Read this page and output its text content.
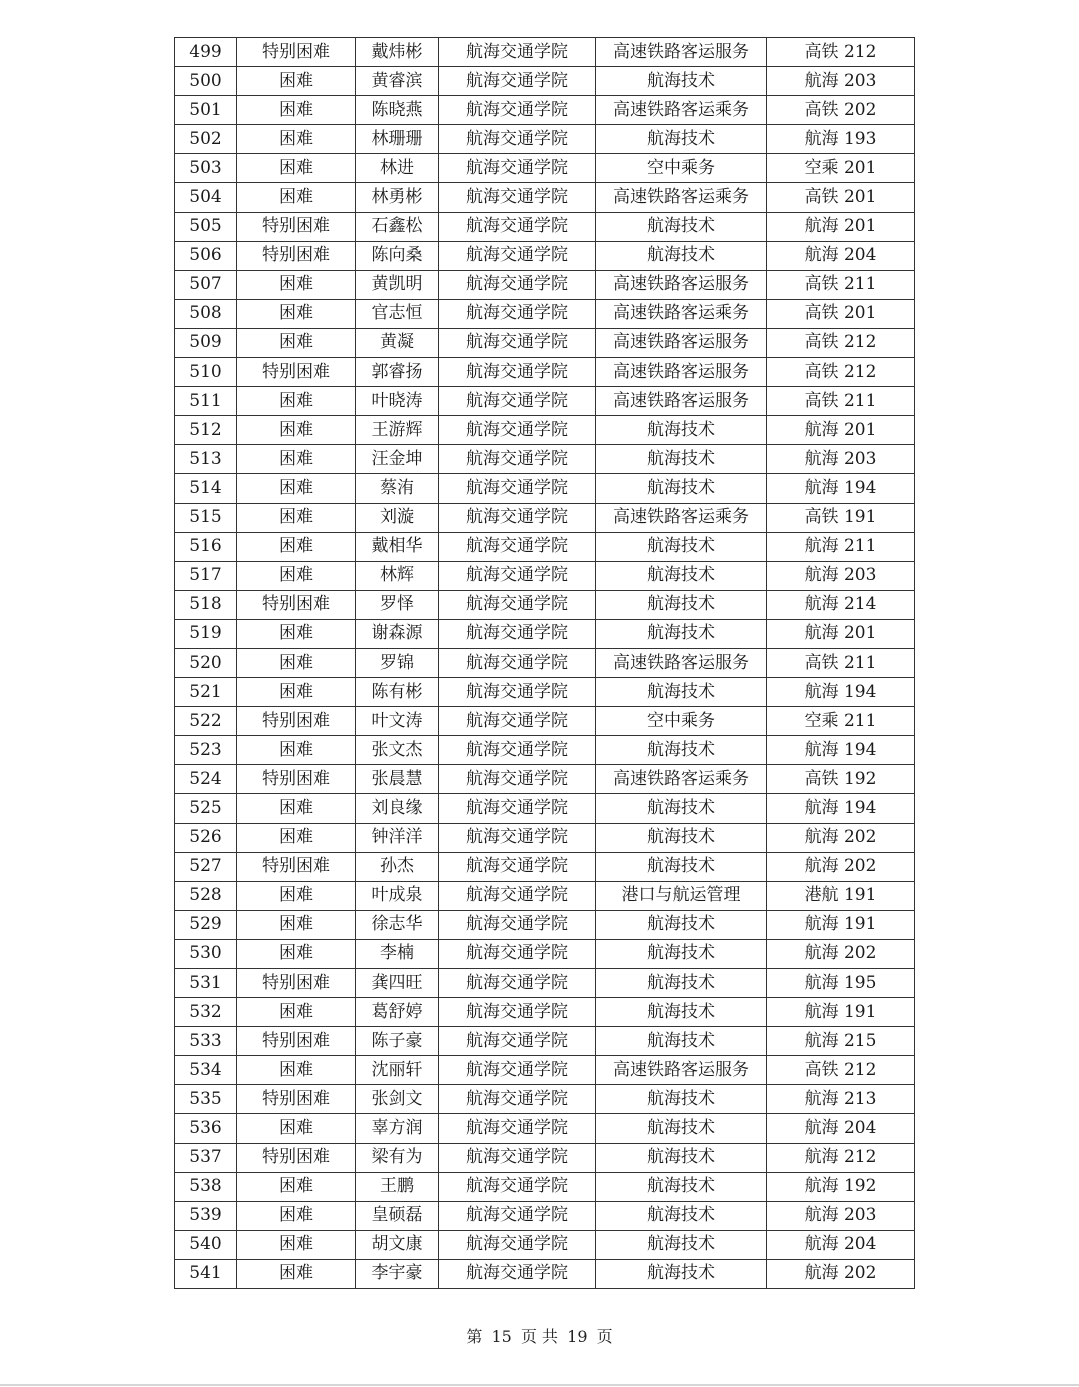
499	特别困难	戴炜彬	航海交通学院	高速铁路客运服务	高铁 212
500	困难	黄睿滨	航海交通学院	航海技术	航海 203
501	困难	陈晓燕	航海交通学院	高速铁路客运乘务	高铁 202
502	困难	林珊珊	航海交通学院	航海技术	航海 193
503	困难	林进	航海交通学院	空中乘务	空乘 201
504	困难	林勇彬	航海交通学院	高速铁路客运乘务	高铁 201
505	特别困难	石鑫松	航海交通学院	航海技术	航海 201
506	特别困难	陈向桑	航海交通学院	航海技术	航海 204
507	困难	黄凯明	航海交通学院	高速铁路客运服务	高铁 211
508	困难	官志恒	航海交通学院	高速铁路客运乘务	高铁 201
509	困难	黄凝	航海交通学院	高速铁路客运服务	高铁 212
510	特别困难	郭睿扬	航海交通学院	高速铁路客运服务	高铁 212
511	困难	叶晓涛	航海交通学院	高速铁路客运服务	高铁 211
512	困难	王游辉	航海交通学院	航海技术	航海 201
513	困难	汪金坤	航海交通学院	航海技术	航海 203
514	困难	蔡洧	航海交通学院	航海技术	航海 194
515	困难	刘漩	航海交通学院	高速铁路客运乘务	高铁 191
516	困难	戴相华	航海交通学院	航海技术	航海 211
517	困难	林辉	航海交通学院	航海技术	航海 203
518	特别困难	罗怿	航海交通学院	航海技术	航海 214
519	困难	谢森源	航海交通学院	航海技术	航海 201
520	困难	罗锦	航海交通学院	高速铁路客运服务	高铁 211
521	困难	陈有彬	航海交通学院	航海技术	航海 194
522	特别困难	叶文涛	航海交通学院	空中乘务	空乘 211
523	困难	张文杰	航海交通学院	航海技术	航海 194
524	特别困难	张晨慧	航海交通学院	高速铁路客运乘务	高铁 192
525	困难	刘良缘	航海交通学院	航海技术	航海 194
526	困难	钟洋洋	航海交通学院	航海技术	航海 202
527	特别困难	孙杰	航海交通学院	航海技术	航海 202
528	困难	叶成泉	航海交通学院	港口与航运管理	港航 191
529	困难	徐志华	航海交通学院	航海技术	航海 191
530	困难	李楠	航海交通学院	航海技术	航海 202
531	特别困难	龚四旺	航海交通学院	航海技术	航海 195
532	困难	葛舒婷	航海交通学院	航海技术	航海 191
533	特别困难	陈子豪	航海交通学院	航海技术	航海 215
534	困难	沈丽轩	航海交通学院	高速铁路客运服务	高铁 212
535	特别困难	张剑文	航海交通学院	航海技术	航海 213
536	困难	辜方润	航海交通学院	航海技术	航海 204
537	特别困难	梁有为	航海交通学院	航海技术	航海 212
538	困难	王鹏	航海交通学院	航海技术	航海 192
539	困难	皇硕磊	航海交通学院	航海技术	航海 203
540	困难	胡文康	航海交通学院	航海技术	航海 204
541	困难	李宇豪	航海交通学院	航海技术	航海 202
第 15 页 共 19 页
